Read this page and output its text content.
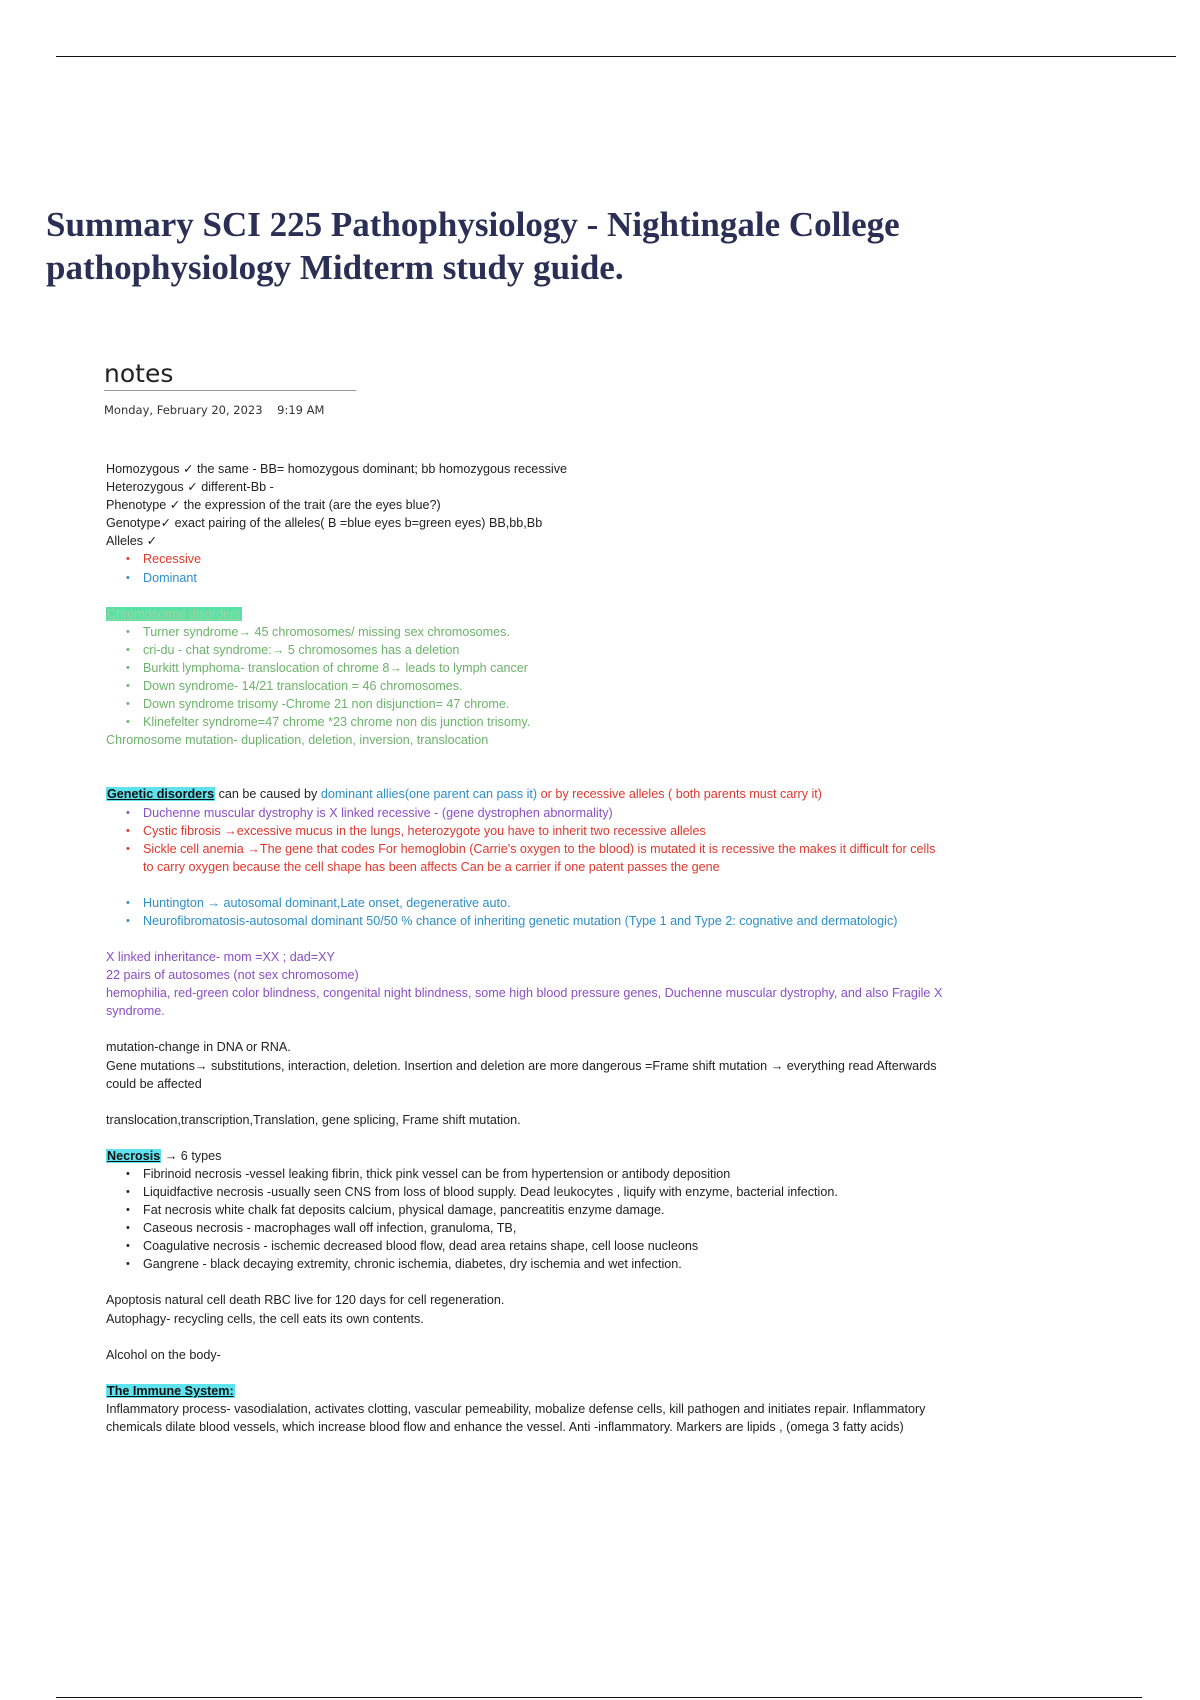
Summary SCI 225 Pathophysiology - Nightingale College
pathophysiology Midterm study guide.
notes
Monday, February 20, 2023 9:19 AM
Homozygous ✓ the same - BB= homozygous dominant; bb homozygous recessive
Heterozygous ✓ different-Bb -
Phenotype ✓ the expression of the trait (are the eyes blue?)
Genotype✓ exact pairing of the alleles( B =blue eyes b=green eyes) BB,bb,Bb
Alleles ✓
• Recessive
• Dominant
Chromosomal disorders
• Turner syndrome→ 45 chromosomes/ missing sex chromosomes.
• cri-du - chat syndrome:→ 5 chromosomes has a deletion
• Burkitt lymphoma- translocation of chrome 8→ leads to lymph cancer
• Down syndrome- 14/21 translocation = 46 chromosomes.
• Down syndrome trisomy -Chrome 21 non disjunction= 47 chrome.
• Klinefelter syndrome=47 chrome *23 chrome non dis junction trisomy.
Chromosome mutation- duplication, deletion, inversion, translocation
Genetic disorders can be caused by dominant allies(one parent can pass it) or by recessive alleles ( both parents must carry it)
• Duchenne muscular dystrophy is X linked recessive - (gene dystrophen abnormality)
• Cystic fibrosis →excessive mucus in the lungs, heterozygote you have to inherit two recessive alleles
• Sickle cell anemia →The gene that codes For hemoglobin (Carrie's oxygen to the blood) is mutated it is recessive the makes it difficult for cells to carry oxygen because the cell shape has been affects Can be a carrier if one patent passes the gene
• Huntington → autosomal dominant,Late onset, degenerative auto.
• Neurofibromatosis-autosomal dominant 50/50 % chance of inheriting genetic mutation (Type 1 and Type 2: cognative and dermatologic)
X linked inheritance- mom =XX ; dad=XY
22 pairs of autosomes (not sex chromosome)
hemophilia, red-green color blindness, congenital night blindness, some high blood pressure genes, Duchenne muscular dystrophy, and also Fragile X syndrome.
mutation-change in DNA or RNA.
Gene mutations→ substitutions, interaction, deletion. Insertion and deletion are more dangerous =Frame shift mutation → everything read Afterwards could be affected
translocation,transcription,Translation, gene splicing, Frame shift mutation.
Necrosis → 6 types
• Fibrinoid necrosis -vessel leaking fibrin, thick pink vessel can be from hypertension or antibody deposition
• Liquidfactive necrosis -usually seen CNS from loss of blood supply. Dead leukocytes , liquify with enzyme, bacterial infection.
• Fat necrosis white chalk fat deposits calcium, physical damage, pancreatitis enzyme damage.
• Caseous necrosis - macrophages wall off infection, granuloma, TB,
• Coagulative necrosis - ischemic decreased blood flow, dead area retains shape, cell loose nucleons
• Gangrene - black decaying extremity, chronic ischemia, diabetes, dry ischemia and wet infection.
Apoptosis natural cell death RBC live for 120 days for cell regeneration.
Autophagy- recycling cells, the cell eats its own contents.
Alcohol on the body-
The Immune System:
Inflammatory process- vasodialation, activates clotting, vascular pemeability, mobalize defense cells, kill pathogen and initiates repair. Inflammatory chemicals dilate blood vessels, which increase blood flow and enhance the vessel. Anti -inflammatory. Markers are lipids , (omega 3 fatty acids)
